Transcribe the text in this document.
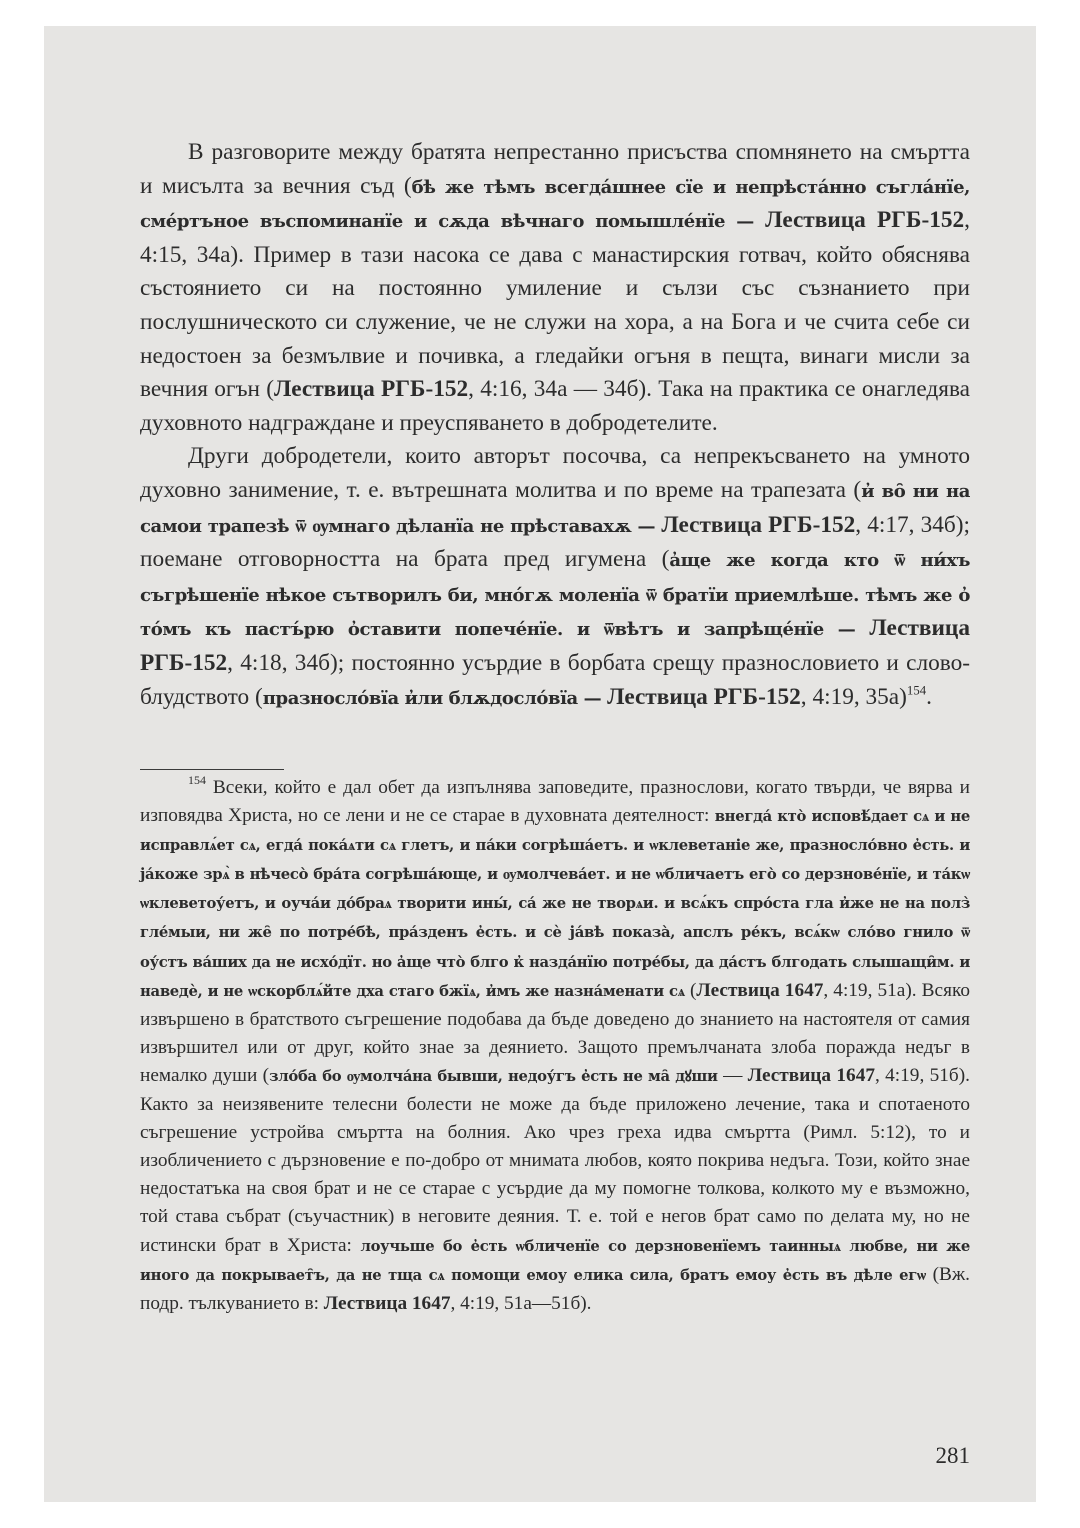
В разговорите между братята непрестанно присъства спомнянето на смъртта и мисълта за вечния съд (бѣ же тѣмъ всегда́шнее сїе и непрѣста́нно съгла́нїе, сме́ртъное въспоминанїе и сѫда вѣчнаго помышле́нїе — Лествица РГБ-152, 4:15, 34а). Пример в тази насока се дава с манастирския готвач, който обяснява състоянието си на постоянно умиление и сълзи със съзнанието при послушническото си служение, че не служи на хора, а на Бога и че счита себе си недостоен за безмълвие и почивка, а гледайки огъня в пещта, винаги мисли за вечния огън (Лествица РГБ-152, 4:16, 34а — 34б). Така на практика се онагледява духовното надграждане и преуспяването в добродетелите.

Други добродетели, които авторът посочва, са непрекъсването на умното духовно занимение, т. е. вътрешната молитва и по време на трапезата (и̓ во̑ ни на самои трапезѣ ѿ ѹмнаго дѣланїа не прѣставахѫ — Лествица РГБ-152, 4:17, 34б); поемане отговорността на брата пред игумена (а̓ще же когда кто ѿ ни́хъ съгрѣшенїе нѣкое сътворилъ би, мно́гѫ моленїа ѿ братїи приемлѣше. тѣмъ же о̓ то́мъ къ пастъ́рю о̓ставити попече́нїе. и ѿвѣтъ и запрѣще́нїе — Лествица РГБ-152, 4:18, 34б); постоянно усърдие в борбата срещу празнословието и словоблудството (празносло́вїа и̓ли блѫдосло́вїа — Лествица РГБ-152, 4:19, 35а)$^{154}$.

$^{154}$ Всеки, който е дал обет да изпълнява заповедите, празнослови, когато твърди, че вярва и изповядва Христа, но се лени и не се старае в духовната деятелност: внегда́ кто̀ исповѣ́дает сѧ и не исправлѧ́ет сѧ, егда́ пока́ѧти сѧ глетъ, и па́ки согрѣша́етъ. и ѡклеветаніе же, празносло́вно е̓сть. и ја́коже зрѧ̀ в нѣчесо̀ бра́та согрѣша́юще, и ѹмолчева́ет. и не ѡбличаетъ его̀ со дерзнове́нїе, и та́кѡ ѡклеветоу́етъ, и оуча́и до́браѧ творити ины́, са́ же не творѧи. и всѧ́къ спро́ста гла и̓же не на полз̀ гле́мыи, ни же̑ по потре́бѣ, пра́зденъ е̓сть. и сѐ ја́вѣ показа̀, апслъ ре́къ, всѧ́кѡ сло́во гнило ѿ оу́стъ ва́ших да не исхо́дїт. но а̓ще что̀ блго к̓ назда́нїю потре́бы, да да́стъ блгодать слышащи̑м. и наведѐ, и не ѡскорблѧ́йте дха стаго бжїѧ, и̓мъ же назна́менати сѧ (Лествица 1647, 4:19, 51а). Всяко извършено в братството съгрешение подобава да бъде доведено до знанието на настоятеля от самия извършител или от друг, който знае за деянието. Защото премълчаната злоба поражда недъг в немалко души (зло́ба бо ѹмолча́на бывши, недоу́гъ е̓сть не ма̑ дꙋши — Лествица 1647, 4:19, 51б). Както за неизявените телесни болести не може да бъде приложено лечение, така и спотаеното съгрешение устройва смъртта на болния. Ако чрез греха идва смъртта (Римл. 5:12), то и изобличението с дързновение е по-добро от мнимата любов, която покрива недъга. Този, който знае недостатъка на своя брат и не се старае с усърдие да му помогне толкова, колкото му е възможно, той става събрат (съучастник) в неговите деяния. Т. е. той е негов брат само по делата му, но не истински брат в Христа: лоучьше бо е̓сть ѡбличенїе со дерзновенїемъ таинныѧ любве, ни же иного да покрывает̑ъ, да не тща сѧ помощи емоу елика сила, братъ емоу е̓сть въ дѣле егѡ (Вж. подр. тълкуванието в: Лествица 1647, 4:19, 51а—51б).

281
